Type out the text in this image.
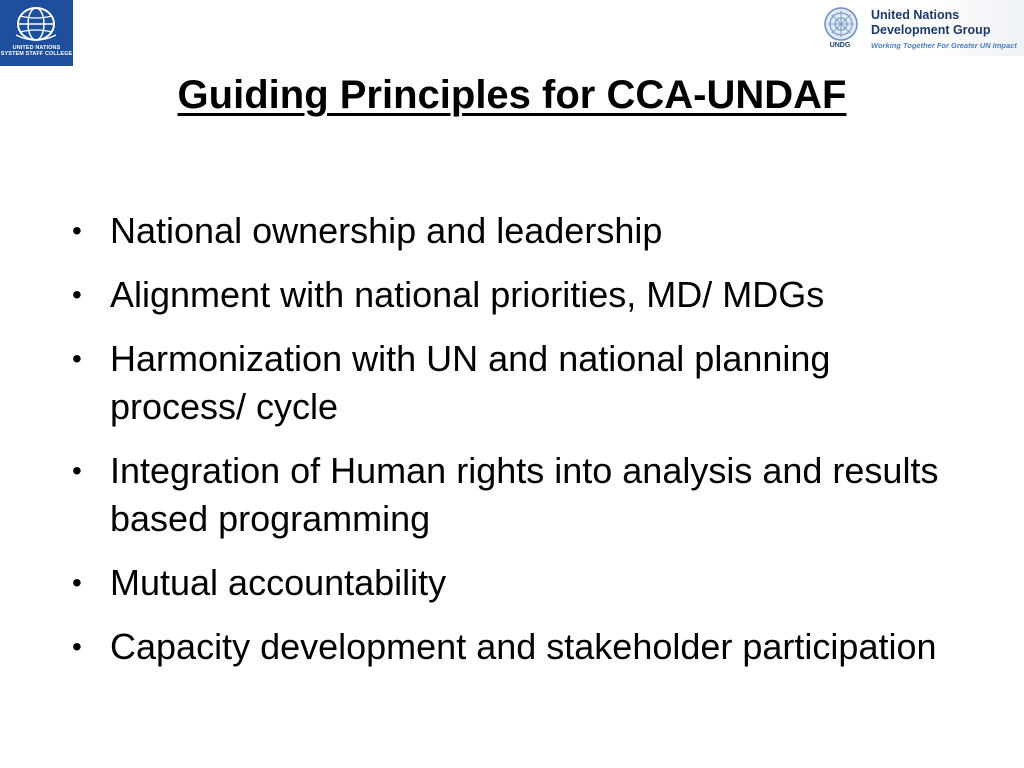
UNITED NATIONS
SYSTEM STAFF COLLEGE
UNDG
United Nations
Development Group
Working Together For Greater UN Impact
Guiding Principles for CCA-UNDAF
• National ownership and leadership
• Alignment with national priorities, MD/ MDGs
• Harmonization with UN and national planning process/ cycle
• Integration of Human rights into analysis and results based programming
• Mutual accountability
• Capacity development and stakeholder participation
